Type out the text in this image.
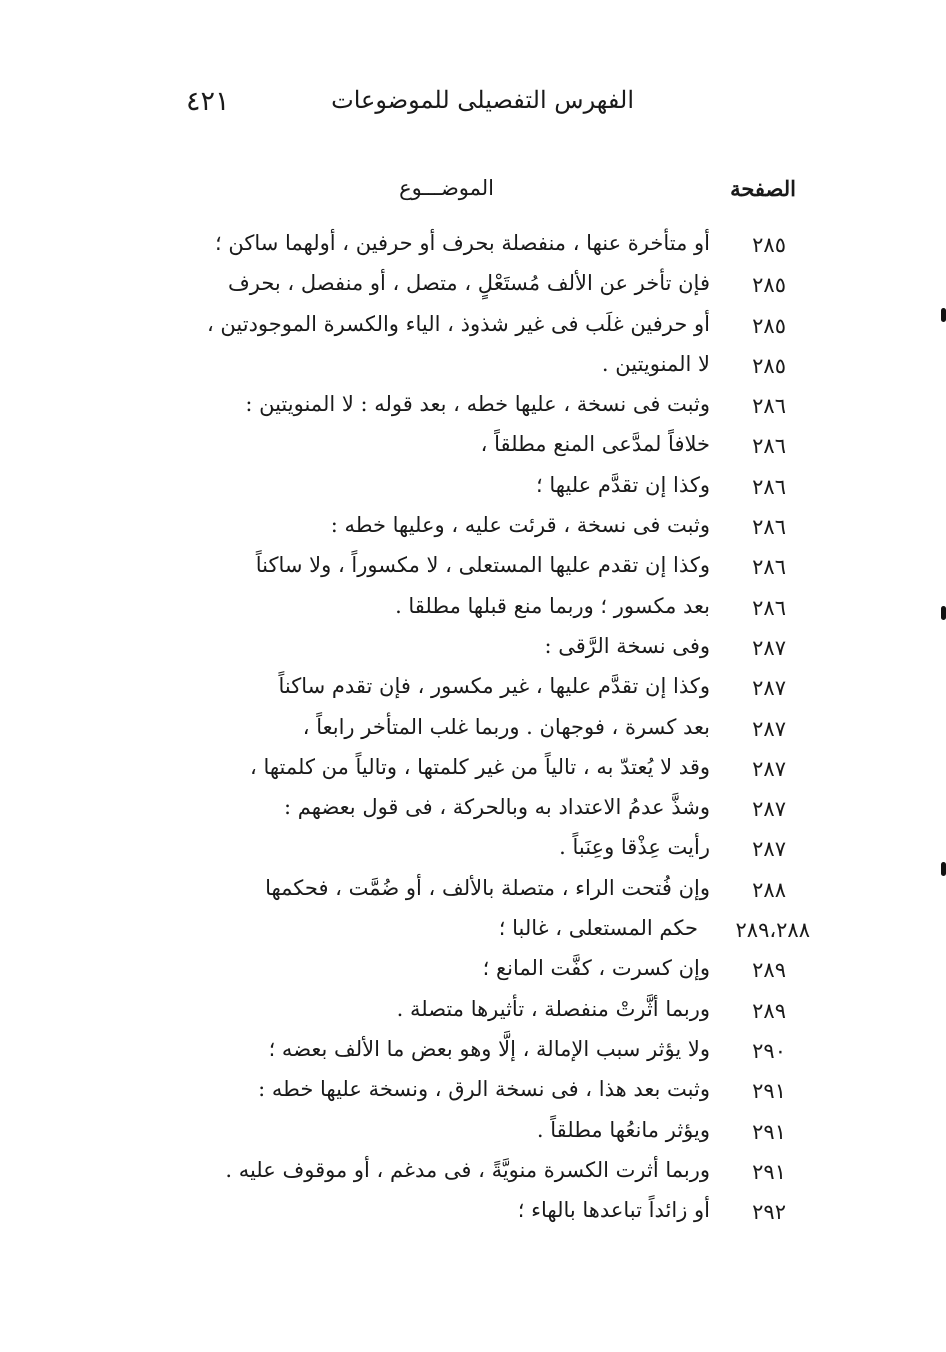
٤٢١	الفهرس التفصيلى للموضوعات
الصفحة
الموضـــوع
٢٨٥
أو متأخرة عنها ، منفصلة بحرف أو حرفين ، أولهما ساكن ؛
٢٨٥
فإن تأخر عن الألف مُستَعْلٍ ، متصل ، أو منفصل ، بحرف
٢٨٥
أو حرفين غلَب فى غير شذوذ ، الياء والكسرة الموجودتين ،
٢٨٥
لا المنويتين .
٢٨٦
وثبت فى نسخة ، عليها خطه ، بعد قوله : لا المنويتين :
٢٨٦
خلافاً لمدَّعى المنع مطلقاً ،
٢٨٦
وكذا إن تقدَّم عليها ؛
٢٨٦
وثبت فى نسخة ، قرئت عليه ، وعليها خطه :
٢٨٦
وكذا إن تقدم عليها المستعلى ، لا مكسوراً ، ولا ساكناً
٢٨٦
بعد مكسور ؛ وربما منع قبلها مطلقا .
٢٨٧
وفى نسخة الرَّقى :
٢٨٧
وكذا إن تقدَّم عليها ، غير مكسور ، فإن تقدم ساكناً
٢٨٧
بعد كسرة ، فوجهان . وربما غلب المتأخر رابعاً ،
٢٨٧
وقد لا يُعتدّ به ، تالياً من غير كلمتها ، وتالياً من كلمتها ،
٢٨٧
وشذَّ عدمُ الاعتداد به وبالحركة ، فى قول بعضهم :
٢٨٧
رأيت عِذْقا وعِنَباً .
٢٨٨
وإن فُتحت الراء ، متصلة بالألف ، أو ضُمَّت ، فحكمها
٢٨٩،٢٨٨
حكم المستعلى ، غالبا ؛
٢٨٩
وإن كسرت ، كفَّت المانع ؛
٢٨٩
وربما أثَّرتْ منفصلة ، تأثيرها متصلة .
٢٩٠
ولا يؤثر سبب الإمالة ، إلَّا وهو بعض ما الألف بعضه ؛
٢٩١
وثبت بعد هذا ، فى نسخة الرق ، ونسخة عليها خطه :
٢٩١
ويؤثر مانعُها مطلقاً .
٢٩١
وربما أثرت الكسرة منويَّةً ، فى مدغم ، أو موقوف عليه .
٢٩٢
أو زائداً تباعدها بالهاء ؛
